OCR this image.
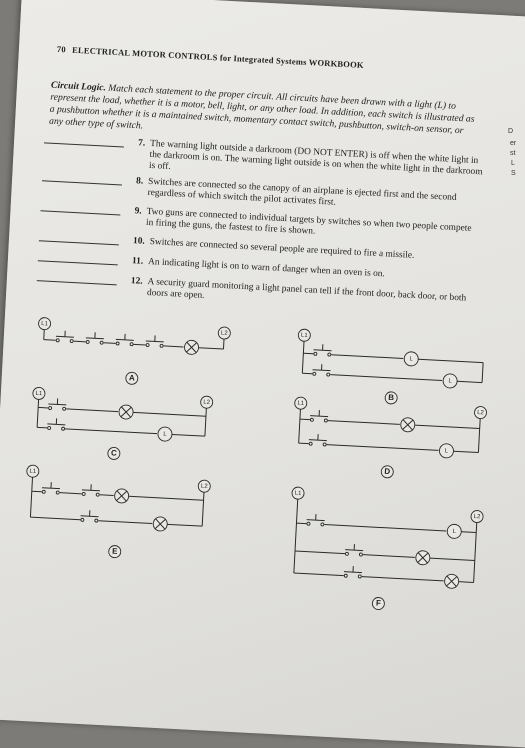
70 ELECTRICAL MOTOR CONTROLS for Integrated Systems WORKBOOK
Circuit Logic. Match each statement to the proper circuit. All circuits have been drawn with a light (L) to represent the load, whether it is a motor, bell, light, or any other load. In addition, each switch is illustrated as a pushbutton whether it is a maintained switch, momentary contact switch, pushbutton, switch-on sensor, or any other type of switch.
7. The warning light outside a darkroom (DO NOT ENTER) is off when the white light in the darkroom is on. The warning light outside is on when the white light in the darkroom is off.
8. Switches are connected so the canopy of an airplane is ejected first and the second regardless of which switch the pilot activates first.
9. Two guns are connected to individual targets by switches so when two people compete in firing the guns, the fastest to fire is shown.
10. Switches are connected so several people are required to fire a missile.
11. An indicating light is on to warn of danger when an oven is on.
12. A security guard monitoring a light panel can tell if the front door, back door, or both doors are open.
L1
L2
A
L1
L
L
B
L1
L2
L
C
L1
L2
L
D
L1
L2
E
L1
L2
L
F
D
er
st
L
S
